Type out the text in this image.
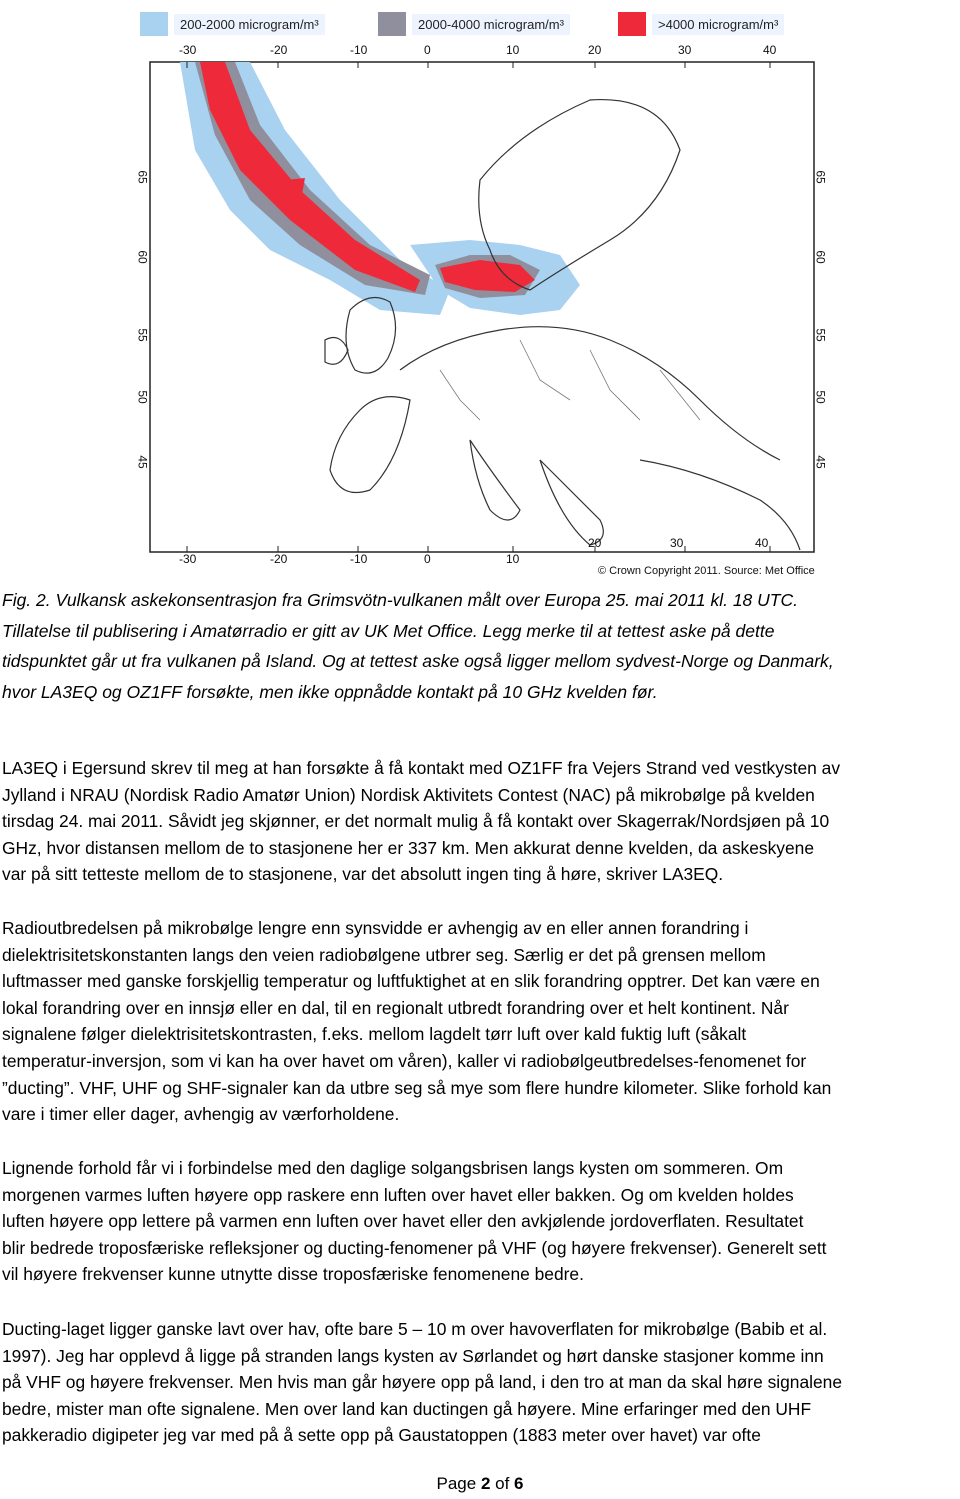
200-2000 microgram/m³	2000-4000 microgram/m³	>4000 microgram/m³
-30	-20	-10	0	10	20	30	40
-30	-20	-10	0	10
20	30	40
65
60
55
50
45
65
60
55
50
45
© Crown Copyright 2011. Source: Met Office
Fig. 2. Vulkansk askekonsentrasjon fra Grimsvötn-vulkanen målt over Europa 25. mai 2011 kl. 18 UTC.
Tillatelse til publisering i Amatørradio er gitt av UK Met Office. Legg merke til at tettest aske på dette
tidspunktet går ut fra vulkanen på Island. Og at tettest aske også ligger mellom sydvest-Norge og Danmark,
hvor LA3EQ og OZ1FF forsøkte, men ikke oppnådde kontakt på 10 GHz kvelden før.
LA3EQ i Egersund skrev til meg at han forsøkte å få kontakt med OZ1FF fra Vejers Strand ved vestkysten av
Jylland i NRAU (Nordisk Radio Amatør Union) Nordisk Aktivitets Contest (NAC) på mikrobølge på kvelden
tirsdag 24. mai 2011. Såvidt jeg skjønner, er det normalt mulig å få kontakt over Skagerrak/Nordsjøen på 10
GHz, hvor distansen mellom de to stasjonene her er 337 km. Men akkurat denne kvelden, da askeskyene
var på sitt tetteste mellom de to stasjonene, var det absolutt ingen ting å høre, skriver LA3EQ.
Radioutbredelsen på mikrobølge lengre enn synsvidde er avhengig av en eller annen forandring i
dielektrisitetskonstanten langs den veien radiobølgene utbrer seg. Særlig er det på grensen mellom
luftmasser med ganske forskjellig temperatur og luftfuktighet at en slik forandring opptrer. Det kan være en
lokal forandring over en innsjø eller en dal, til en regionalt utbredt forandring over et helt kontinent. Når
signalene følger dielektrisitetskontrasten, f.eks. mellom lagdelt tørr luft over kald fuktig luft (såkalt
temperatur-inversjon, som vi kan ha over havet om våren), kaller vi radiobølgeutbredelses-fenomenet for
”ducting”. VHF, UHF og SHF-signaler kan da utbre seg så mye som flere hundre kilometer. Slike forhold kan
vare i timer eller dager, avhengig av værforholdene.
Lignende forhold får vi i forbindelse med den daglige solgangsbrisen langs kysten om sommeren. Om
morgenen varmes luften høyere opp raskere enn luften over havet eller bakken. Og om kvelden holdes
luften høyere opp lettere på varmen enn luften over havet eller den avkjølende jordoverflaten. Resultatet
blir bedrede troposfæriske refleksjoner og ducting-fenomener på VHF (og høyere frekvenser). Generelt sett
vil høyere frekvenser kunne utnytte disse troposfæriske fenomenene bedre.
Ducting-laget ligger ganske lavt over hav, ofte bare 5 – 10 m over havoverflaten for mikrobølge (Babib et al.
1997). Jeg har opplevd å ligge på stranden langs kysten av Sørlandet og hørt danske stasjoner komme inn
på VHF og høyere frekvenser. Men hvis man går høyere opp på land, i den tro at man da skal høre signalene
bedre, mister man ofte signalene. Men over land kan ductingen gå høyere. Mine erfaringer med den UHF
pakkeradio digipeter jeg var med på å sette opp på Gaustatoppen (1883 meter over havet) var ofte
Page 2 of 6
